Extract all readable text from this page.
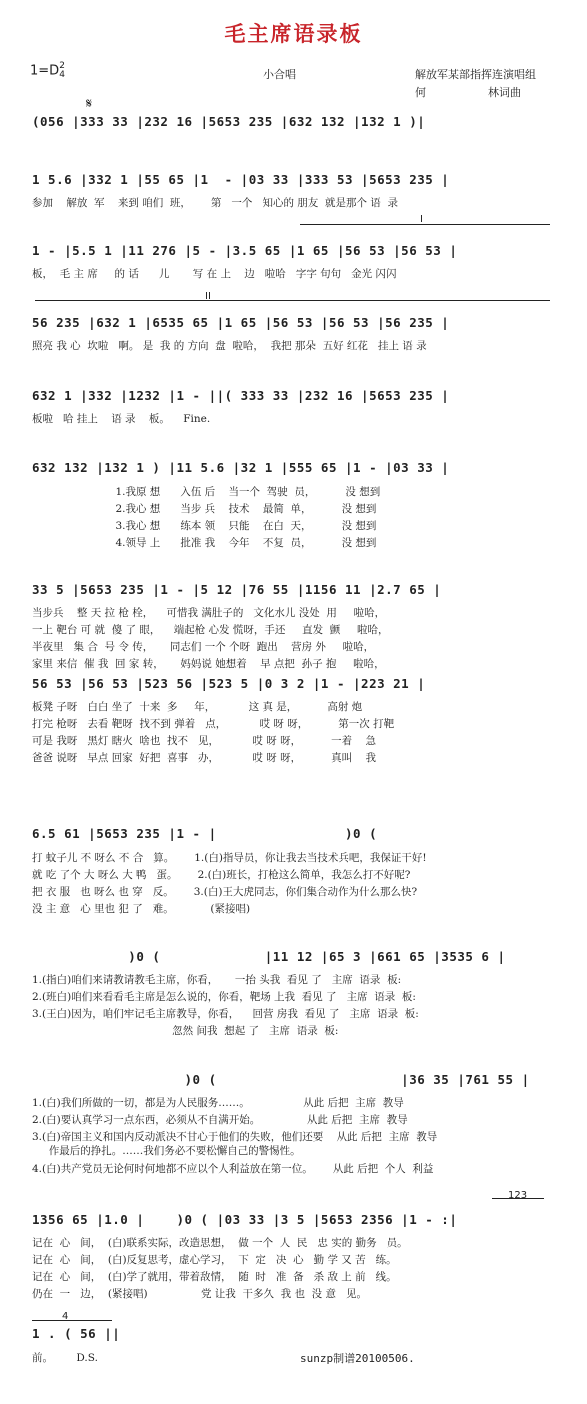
毛主席语录板
1=D2
4	小合唱	解放军某部指挥连演唱组
何	林词曲
𝄋
(056 |333 33 |232 16 |5653 235 |632 132 |132 1 )|
1 5.6 |332 1 |55 65 |1  - |03 33 |333 53 |5653 235 |
参加    解放  军    来到 咱们  班，      第   一个   知心的 朋友  就是那个 语  录
I
1 - |5.5 1 |11 276 |5 - |3.5 65 |1 65 |56 53 |56 53 |
板，  毛 主 席     的 话      儿       写 在 上    边   啦哈   字字 句句   金光 闪闪
II
56 235 |632 1 |6535 65 |1 65 |56 53 |56 53 |56 235 |
照亮 我 心  坎啦   啊。 是  我 的 方向  盘  啦哈，  我把 那朵  五好 红花   挂上 语 录
632 1 |332 |1232 |1 - ||( 333 33 |232 16 |5653 235 |
板啦   哈 挂上    语 录    板。    Fine.
632 132 |132 1 ) |11 5.6 |32 1 |555 65 |1 - |03 33 |
1.我原 想      入伍 后    当一个  驾驶  员，         没 想到
2.我心 想      当步 兵    技术    最简  单，         没 想到
3.我心 想      练本 领    只能    在白  天，         没 想到
4.领导 上      批准 我    今年    不复  员，         没 想到
33 5 |5653 235 |1 - |5 12 |76 55 |1156 11 |2.7 65 |
当步兵    整 天 拉 枪 栓，    可惜我 满肚子的   文化水儿 没处  用     啦哈，
一上 靶台 可 就  傻 了 眼，    端起枪 心发 慌呀，手还     直发  颤     啦哈，
半夜里   集 合  号 令 传，     同志们 一个 个呀  跑出    营房 外     啦哈，
家里 来信  催 我  回 家 转，     妈妈说 她想着    早 点把  孙子 抱     啦哈，
56 53 |56 53 |523 56 |523 5 |0 3 2 |1 - |223 21 |
板凳 子呀   白白 坐了  十来  多     年，          这 真 是，         高射 炮
打完 枪呀   去看 靶呀  找不到 弹着   点，          哎 呀 呀，         第一次 打靶
可是 我呀   黑灯 瞎火  啥也  找不   见，          哎 呀 呀，         一着    急
爸爸 说呀   早点 回家  好把  喜事   办，          哎 呀 呀，         真叫    我
6.5 61 |5653 235 |1 - |                )0 (
打 蚊子儿 不 呀么 不 合   算。      1.(白)指导员，你让我去当技术兵吧，我保证干好!
就 吃 了个 大 呀么 大 鸭   蛋。      2.(白)班长，打枪这么简单，我怎么打不好呢?
把 衣 服   也 呀么 也 穿   反。      3.(白)王大虎同志，你们集合动作为什么那么快?
没 主 意   心 里也 犯 了   难。           (紧接唱)
)0 (             |11 12 |65 3 |661 65 |3535 6 |
1.(指白)咱们来请教请教毛主席，你看，     一抬 头我  看见 了   主席  语录  板:
2.(班白)咱们来看看毛主席是怎么说的，你看，靶场 上我  看见 了   主席  语录  板:
3.(王白)因为，咱们牢记毛主席教导，你看，    回营 房我  看见 了   主席  语录  板:
忽然 间我  想起 了   主席  语录  板:
)0 (                       |36 35 |761 55 |
1.(白)我们所做的一切，都是为人民服务……。                从此 后把  主席  教导
2.(白)要认真学习一点东西，必须从不自满开始。              从此 后把  主席  教导
3.(白)帝国主义和国内反动派决不甘心于他们的失败，他们还要    从此 后把  主席  教导
作最后的挣扎。……我们务必不要松懈自己的警惕性。
4.(白)共产党员无论何时何地都不应以个人利益放在第一位。      从此 后把  个人  利益
123
1356 65 |1.0 |    )0 ( |03 33 |3 5 |5653 2356 |1 - :|
记在  心   间，  (白)联系实际，改造思想，  做 一个  人  民   忠 实的 勤务   员。
记在  心   间，  (白)反复思考，虚心学习，  下  定   决  心   勤 学 又 苦   练。
记在  心   间，  (白)学了就用，带着敌情，  随  时   准  备   杀 敌 上 前   线。
仍在  一   边，  (紧接唱)                党 让我  干多久  我 也  没 意   见。
4
1 . ( 56 ||
前。       D.S.	sunzp制谱20100506.
